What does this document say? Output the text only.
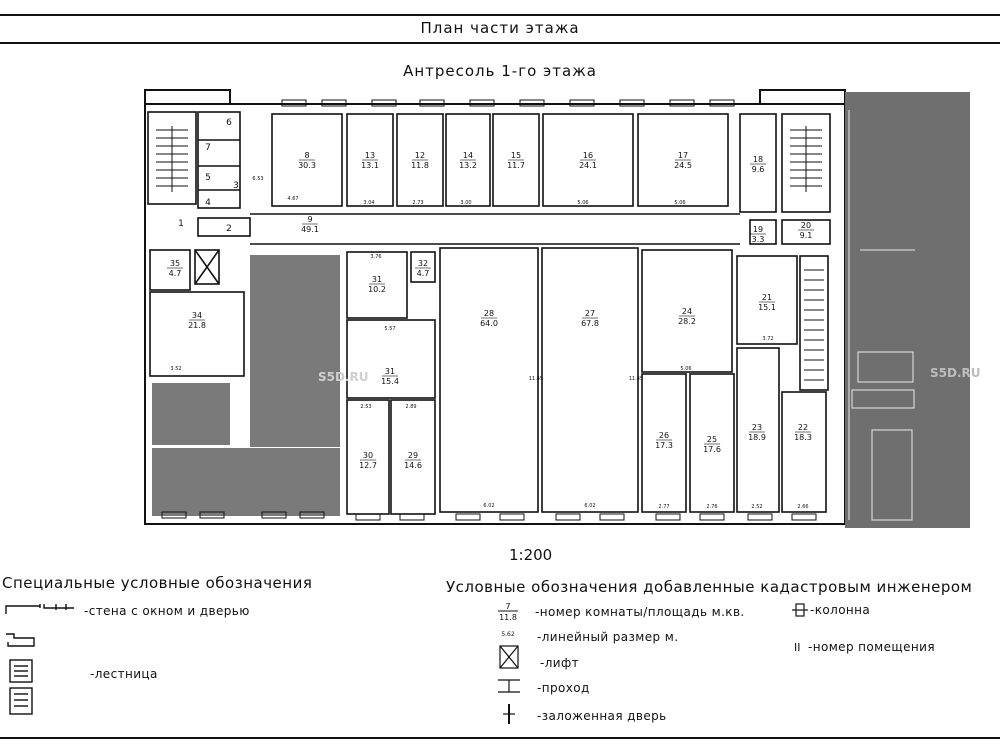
План части этажа
Антресоль 1-го этажа
8
30.3
13
13.1
12
11.8
14
13.2
15
11.7
16
24.1
17
24.5
18
9.6
9
49.1	19
3.3
20
9.1
35
4.7
34
21.8
31
10.2
32
4.7
31
15.4
28
64.0
27
67.8
24
28.2
21
15.1
30
12.7
29
14.6
26
17.3
25
17.6
23
18.9
22
18.3
4.67
3.04	2.73	3.00	5.06	5.06
6.53
3.52
5.57
3.76
2.53	2.89
6.02	6.02	2.77	2.76	2.52	2.66
3.72
5.06
11.45	11.45
1	2
3
4
5
6
7
S5D.RU	S5D.RU
1:200
Специальные условные обозначения
-стена с окном и дверью
-лестница
Условные обозначения добавленные кадастровым инженером
7
11.8
5.62
-номер комнаты/площадь м.кв.
-линейный размер м.
-лифт
-проход
-заложенная дверь
II
-колонна
-номер помещения
